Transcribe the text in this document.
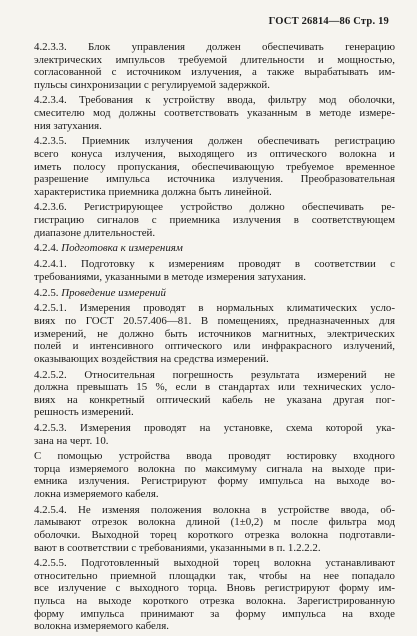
ГОСТ 26814—86 Стр. 19
4.2.3.3. Блок управления должен обеспечивать генерацию
электрических импульсов требуемой длительности и мощностью,
согласованной с источником излучения, а также вырабатывать им-
пульсы синхронизации с регулируемой задержкой.
4.2.3.4. Требования к устройству ввода, фильтру мод оболочки,
смесителю мод должны соответствовать указанным в методе измере-
ния затухания.
4.2.3.5. Приемник излучения должен обеспечивать регистрацию
всего конуса излучения, выходящего из оптического волокна и
иметь полосу пропускания, обеспечивающую требуемое временное
разрешение импульса источника излучения. Преобразовательная
характеристика приемника должна быть линейной.
4.2.3.6. Регистрирующее устройство должно обеспечивать ре-
гистрацию сигналов с приемника излучения в соответствующем
диапазоне длительностей.
4.2.4. Подготовка к измерениям
4.2.4.1. Подготовку к измерениям проводят в соответствии с
требованиями, указанными в методе измерения затухания.
4.2.5. Проведение измерений
4.2.5.1. Измерения проводят в нормальных климатических усло-
виях по ГОСТ 20.57.406—81. В помещениях, предназначенных для
измерений, не должно быть источников магнитных, электрических
полей и интенсивного оптического или инфракрасного излучений,
оказывающих воздействия на средства измерений.
4.2.5.2. Относительная погрешность результата измерений не
должна превышать 15 %, если в стандартах или технических усло-
виях на конкретный оптический кабель не указана другая пог-
решность измерений.
4.2.5.3. Измерения проводят на установке, схема которой ука-
зана на черт. 10.
С помощью устройства ввода проводят юстировку входного
торца измеряемого волокна по максимуму сигнала на выходе при-
емника излучения. Регистрируют форму импульса на выходе во-
локна измеряемого кабеля.
4.2.5.4. Не изменяя положения волокна в устройстве ввода, об-
ламывают отрезок волокна длиной (1±0,2) м после фильтра мод
оболочки. Выходной торец короткого отрезка волокна подготавли-
вают в соответствии с требованиями, указанными в п. 1.2.2.2.
4.2.5.5. Подготовленный выходной торец волокна устанавливают
относительно приемной площадки так, чтобы на нее попадало
все излучение с выходного торца. Вновь регистрируют форму им-
пульса на выходе короткого отрезка волокна. Зарегистрированную
форму импульса принимают за форму импульса на входе
волокна измеряемого кабеля.
